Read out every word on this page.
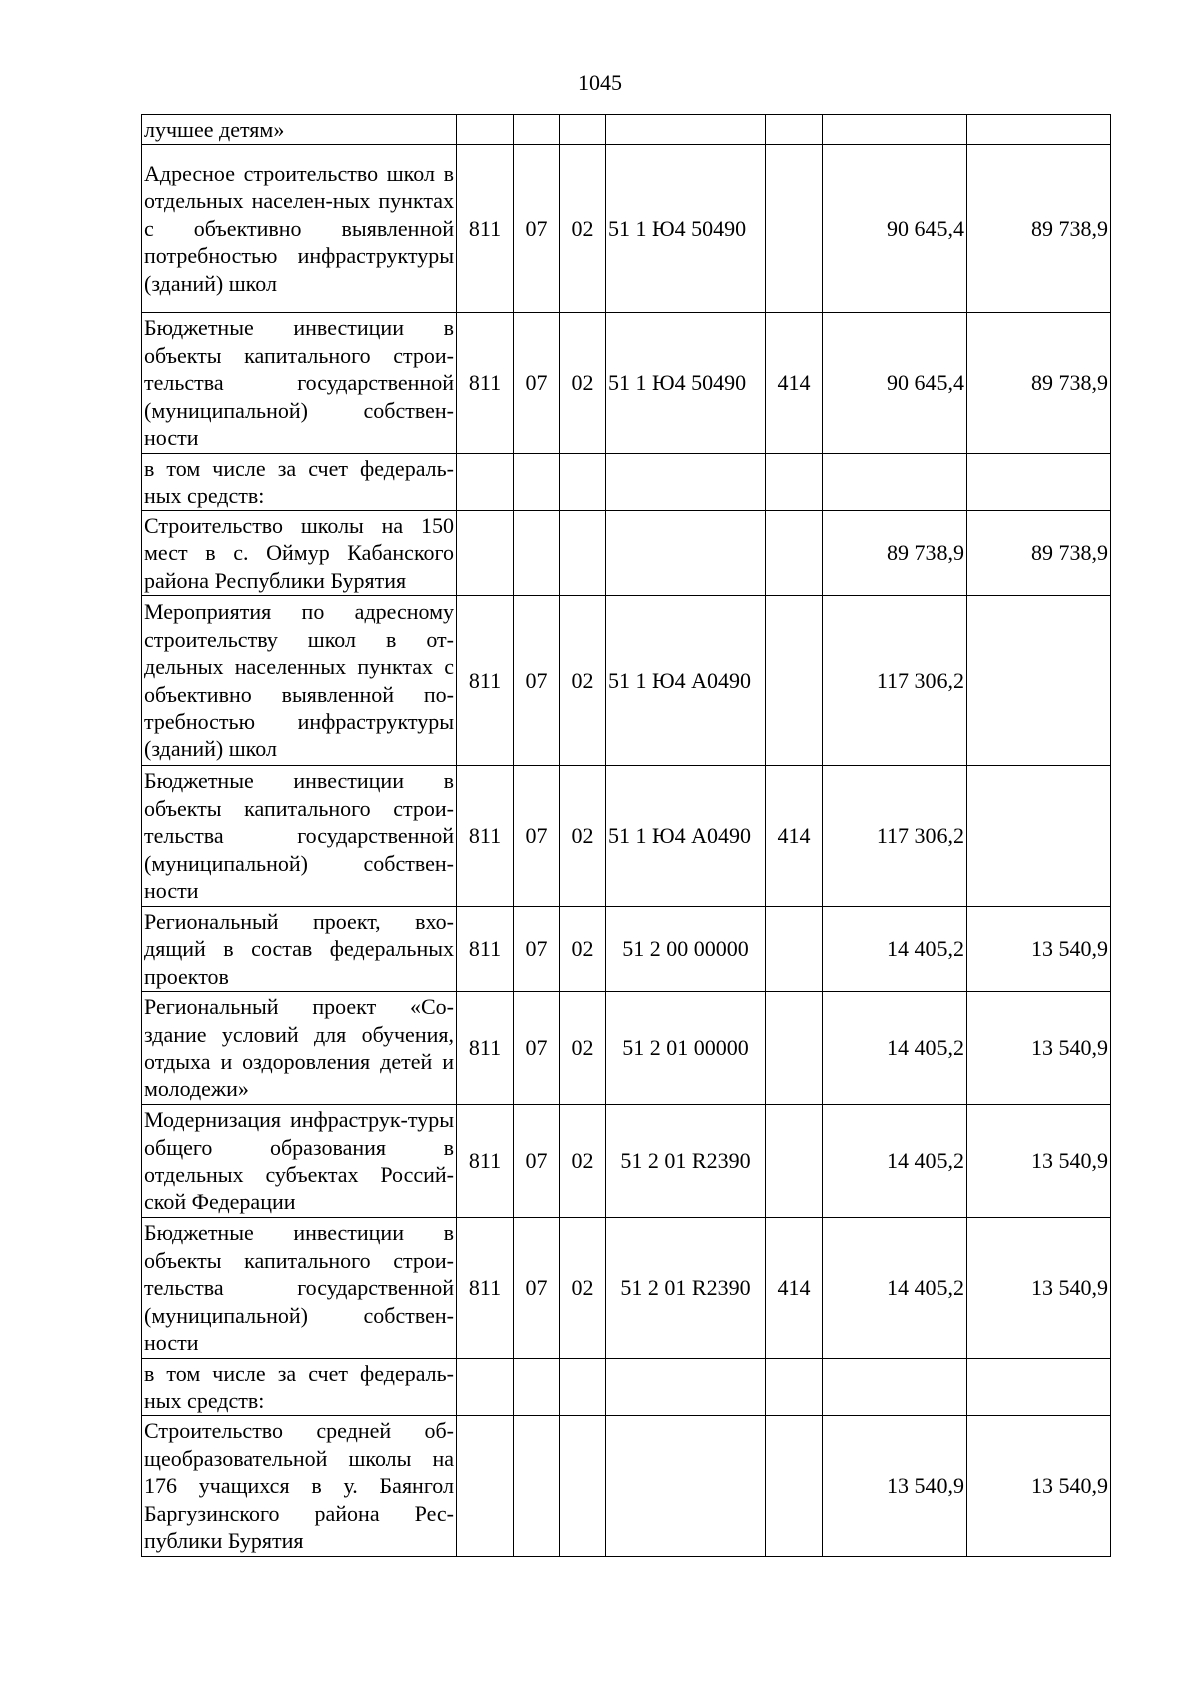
1045
лучшее детям»							
Адресное строительство школ в отдельных населен-ных пунктах с объективно выявленной потребностью инфраструктуры (зданий) школ	811	07	02	51 1 Ю4 50490		90 645,4	89 738,9
Бюджетные инвестиции в объекты капитального строи-тельства государственной (муниципальной) собствен-ности	811	07	02	51 1 Ю4 50490	414	90 645,4	89 738,9
в том числе за счет федераль-ных средств:							
Строительство школы на 150 мест в с. Оймур Кабанского района Республики Бурятия						89 738,9	89 738,9
Мероприятия по адресному строительству школ в от-дельных населенных пунктах с объективно выявленной по-требностью инфраструктуры (зданий) школ	811	07	02	51 1 Ю4 А0490		117 306,2	
Бюджетные инвестиции в объекты капитального строи-тельства государственной (муниципальной) собствен-ности	811	07	02	51 1 Ю4 А0490	414	117 306,2	
Региональный проект, вхо-дящий в состав федеральных проектов	811	07	02	51 2 00 00000		14 405,2	13 540,9
Региональный проект «Со-здание условий для обучения, отдыха и оздоровления детей и молодежи»	811	07	02	51 2 01 00000		14 405,2	13 540,9
Модернизация инфраструк-туры общего образования в отдельных субъектах Россий-ской Федерации	811	07	02	51 2 01 R2390		14 405,2	13 540,9
Бюджетные инвестиции в объекты капитального строи-тельства государственной (муниципальной) собствен-ности	811	07	02	51 2 01 R2390	414	14 405,2	13 540,9
в том числе за счет федераль-ных средств:							
Строительство средней об-щеобразовательной школы на 176 учащихся в у. Баянгол Баргузинского района Рес-публики Бурятия						13 540,9	13 540,9
